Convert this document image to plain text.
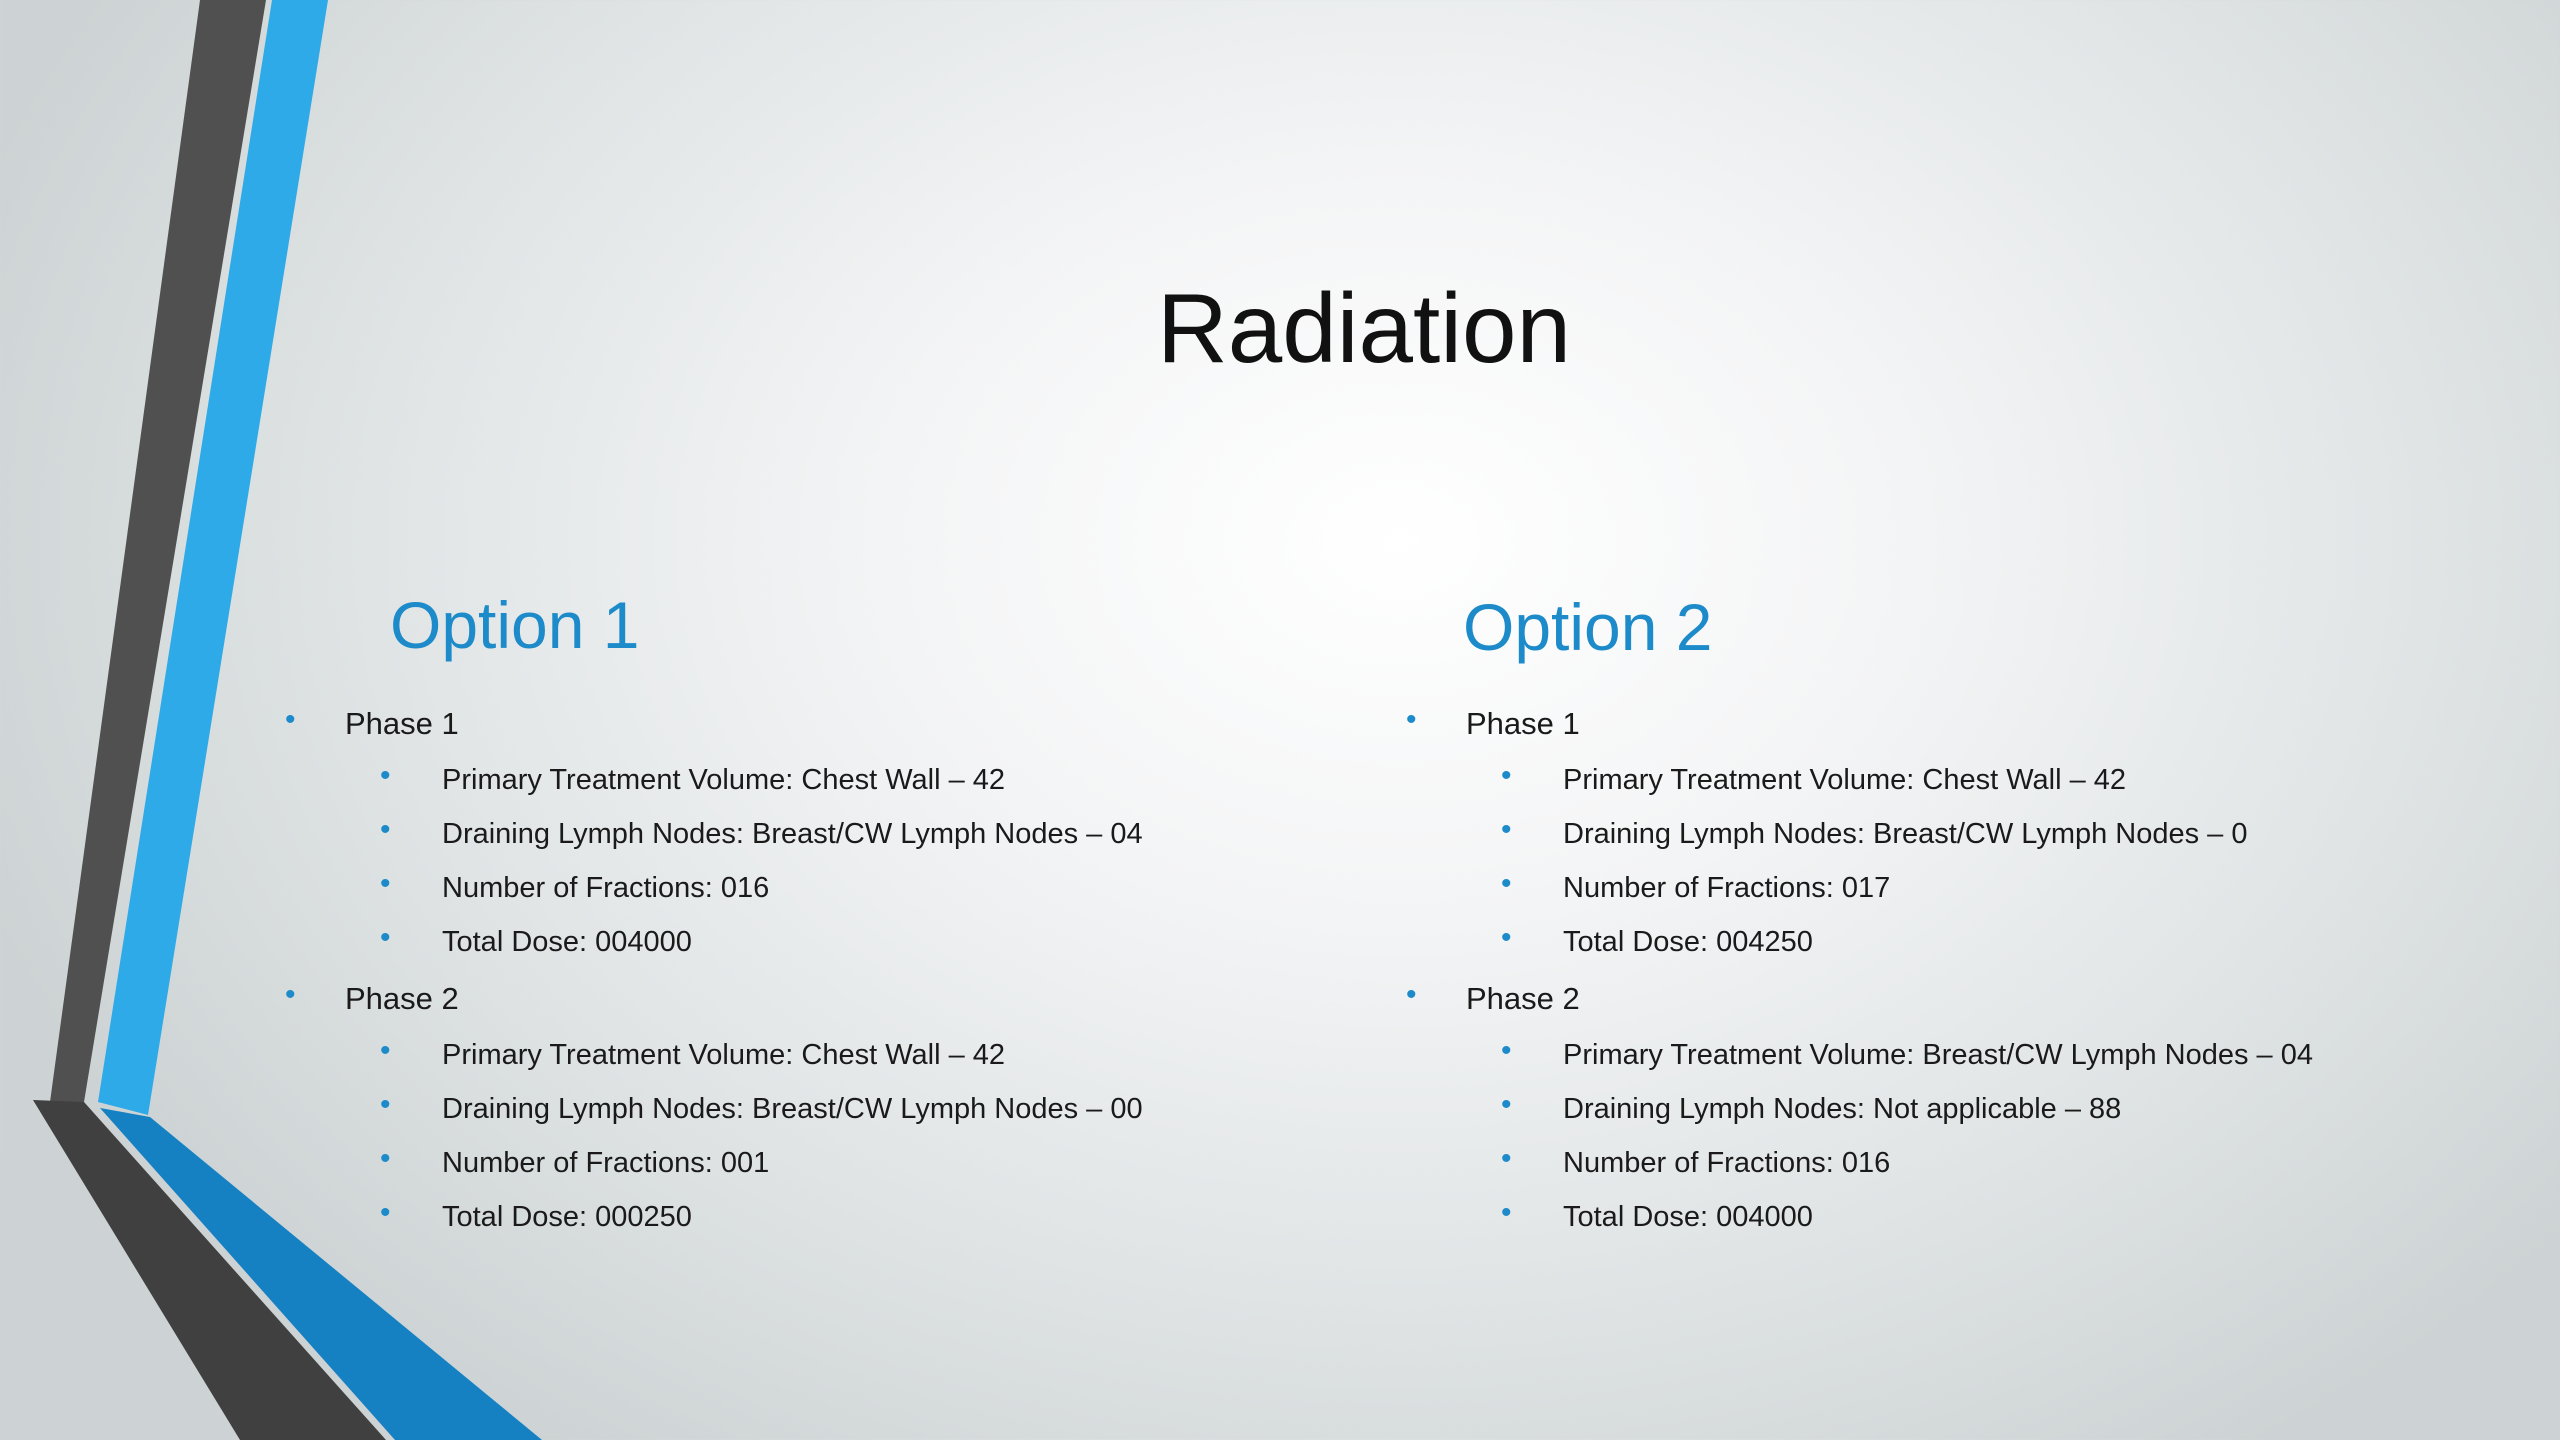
Radiation
Option 1
• Phase 1
• Primary Treatment Volume: Chest Wall – 42
• Draining Lymph Nodes: Breast/CW Lymph Nodes – 04
• Number of Fractions: 016
• Total Dose: 004000
• Phase 2
• Primary Treatment Volume: Chest Wall – 42
• Draining Lymph Nodes: Breast/CW Lymph Nodes – 00
• Number of Fractions: 001
• Total Dose: 000250
Option 2
• Phase 1
• Primary Treatment Volume: Chest Wall – 42
• Draining Lymph Nodes: Breast/CW Lymph Nodes – 0
• Number of Fractions: 017
• Total Dose: 004250
• Phase 2
• Primary Treatment Volume: Breast/CW Lymph Nodes – 04
• Draining Lymph Nodes: Not applicable – 88
• Number of Fractions: 016
• Total Dose: 004000
